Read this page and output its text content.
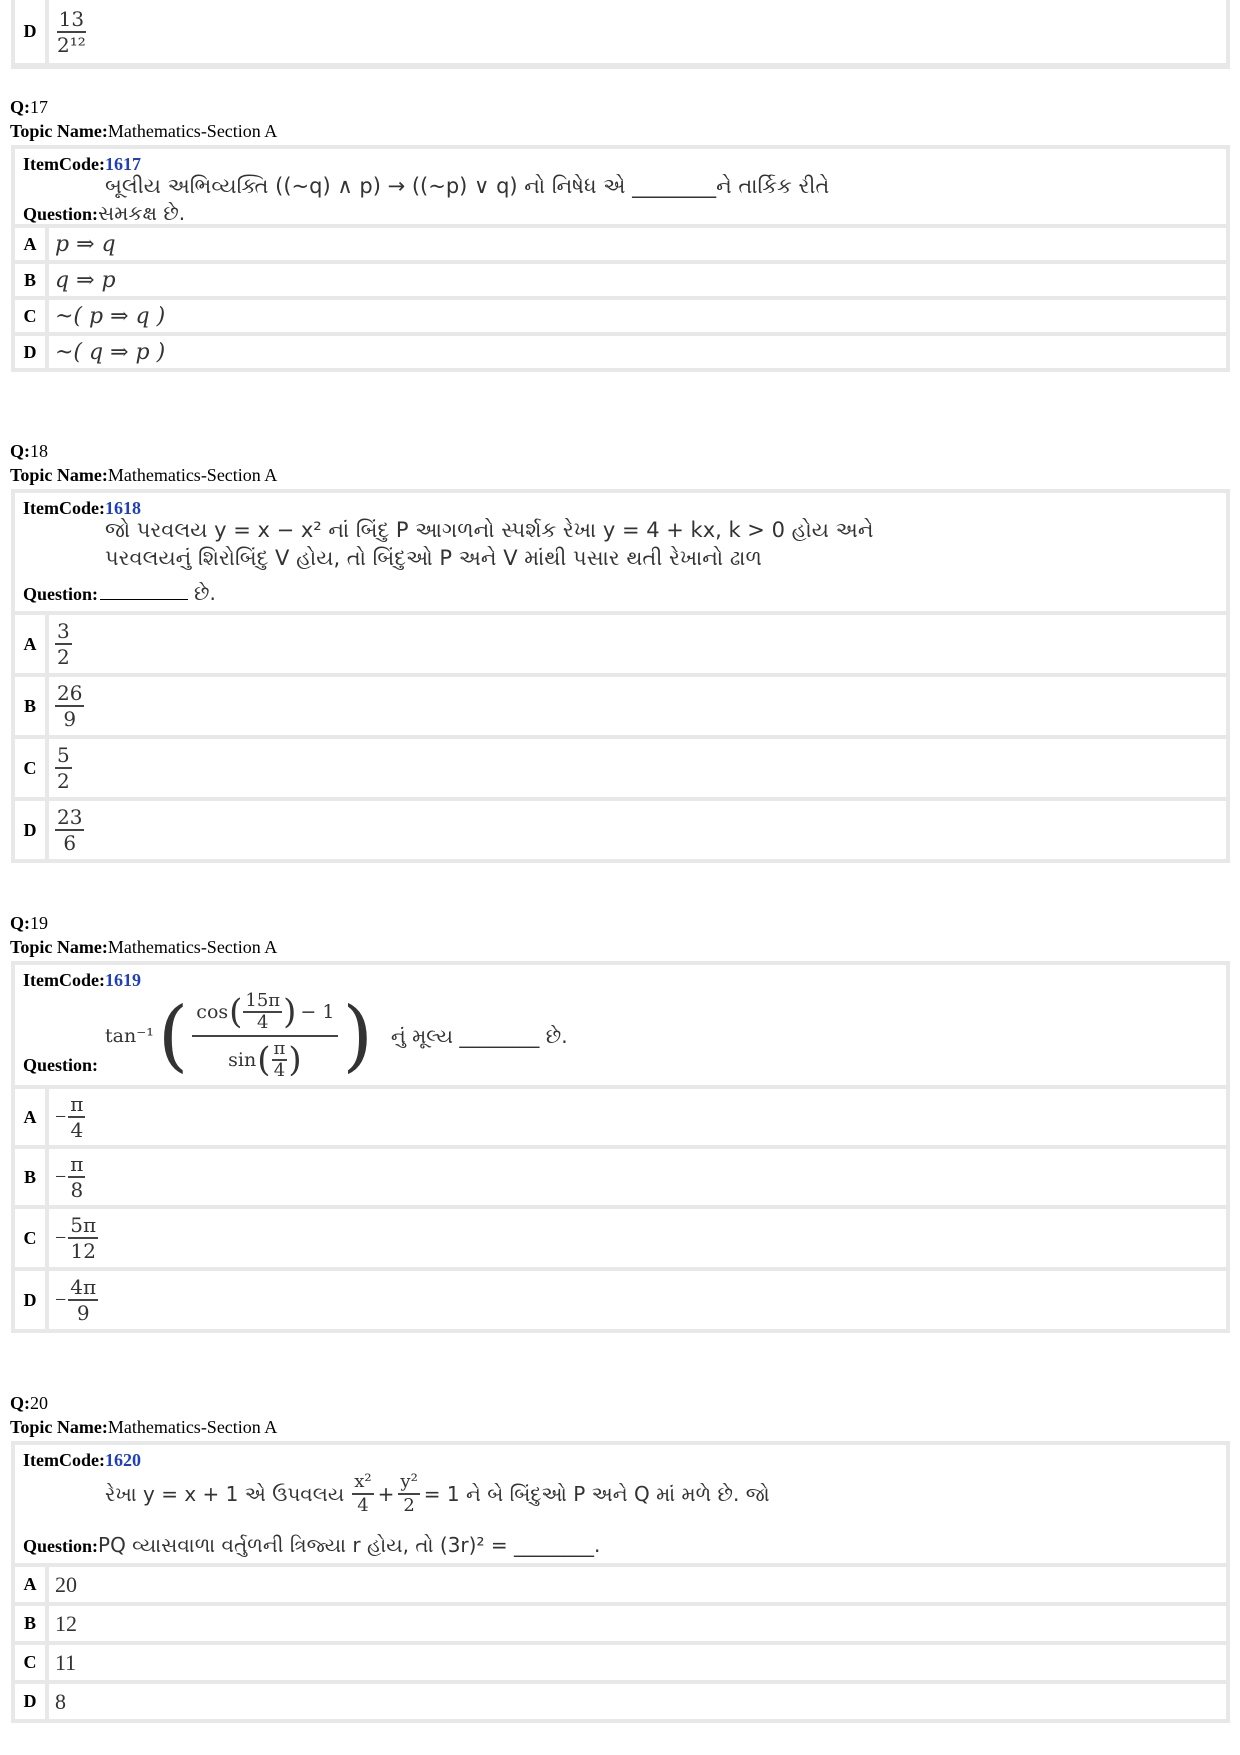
D $\frac{13}{\text{2¹²}}$
Q:17
Topic Name:Mathematics-Section A
ItemCode:1617
બૂલીય અભિવ્યક્તિ ((~q) ∧ p) → ((~p) ∨ q) નો નિષેધ એ ________ને તાર્કિક રીતે
Question:સમકક્ષ છે.
A p ⇒ q
B q ⇒ p
C ~( p ⇒ q )
D ~( q ⇒ p )
Q:18
Topic Name:Mathematics-Section A
ItemCode:1618
જો પરવલય y = x − x² નાં બિંદુ P આગળનો સ્પર્શક રેખા y = 4 + kx, k > 0 હોય અને
પરવલયનું શિરોબિંદુ V હોય, તો બિંદુઓ P અને V માંથી પસાર થતી રેખાનો ઢાળ
Question:	છે.
A $\frac{3}{2}$
B $\frac{26}{9}$
C $\frac{5}{2}$
D $\frac{23}{6}$
Q:19
Topic Name:Mathematics-Section A
ItemCode:1619
tan⁻¹ ( cos ( $\frac{15\pi}{4}$ ) − 1
sin ( $\frac{\pi}{4}$ ) ) નું મૂલ્ય ________ છે.
Question:
$A - \frac{\pi}{4}$
$B - \frac{\pi}{8}$
$C - \frac{5\pi}{12}$
$D - \frac{4\pi}{9}$
Q:20
Topic Name:Mathematics-Section A
ItemCode:1620
રેખા y = x + 1 એ ઉપવલય $\frac{\text{x²}}{4} + \frac{\text{y²}}{2} = 1$ ને બે બિંદુઓ P અને Q માં મળે છે. જો
Question:PQ વ્યાસવાળા વર્તુળની ત્રિજ્યા r હોય, તો (3r)² = ________.
A 20
B 12
C 11
D 8
